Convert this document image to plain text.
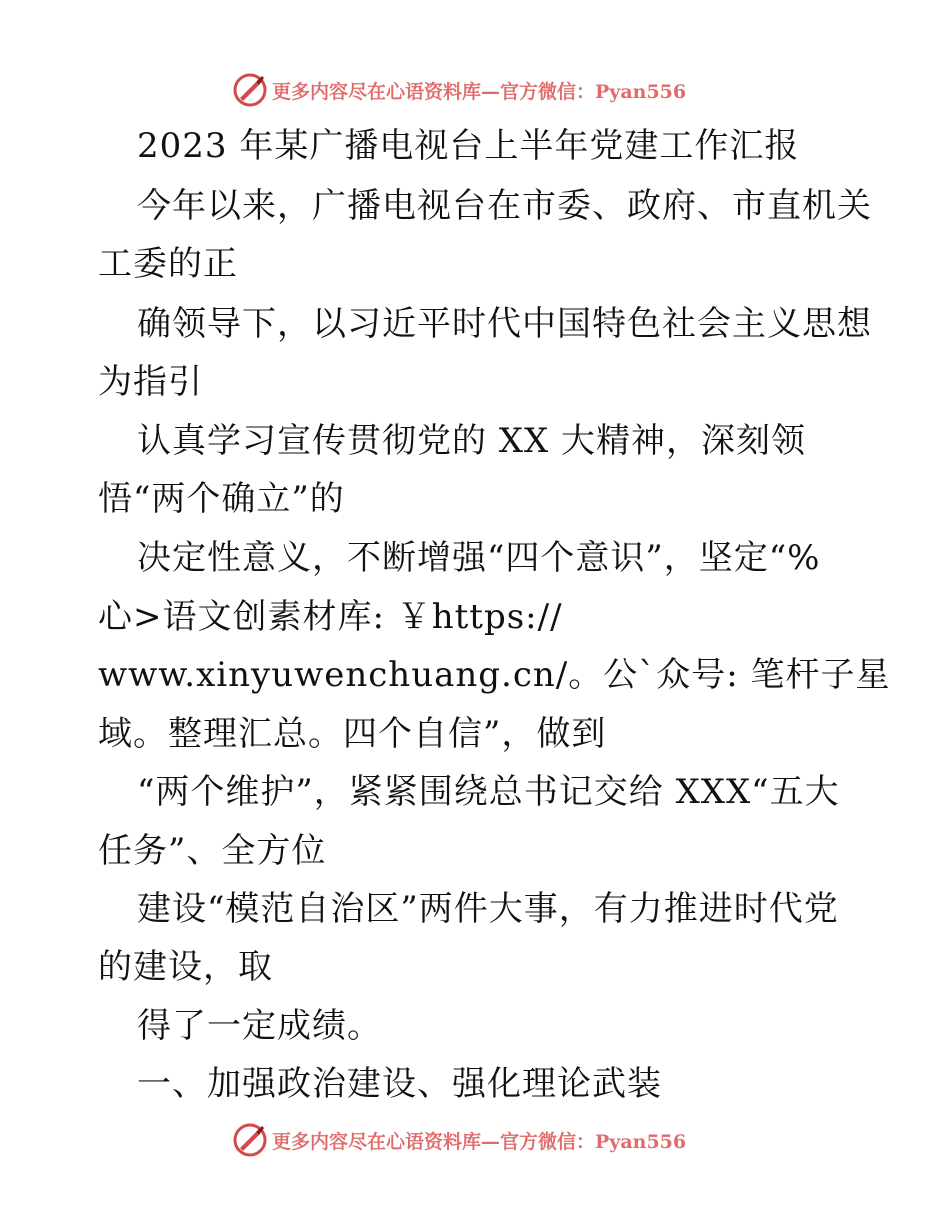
更多内容尽在心语资料库—官方微信：Pyan556
2023 年某广播电视台上半年党建工作汇报
今年以来，广播电视台在市委、政府、市直机关
工委的正
确领导下，以习近平时代中国特色社会主义思想
为指引
认真学习宣传贯彻党的 XX 大精神，深刻领
悟“两个确立”的
决定性意义，不断增强“四个意识”，坚定“%
心>语文创素材库: ￥https://
www.xinyuwenchuang.cn/。公`众号: 笔杆子星
域。整理汇总。四个自信”，做到
“两个维护”，紧紧围绕总书记交给 XXX“五大
任务”、全方位
建设“模范自治区”两件大事，有力推进时代党
的建设，取
得了一定成绩。
一、加强政治建设、强化理论武装
更多内容尽在心语资料库—官方微信：Pyan556
